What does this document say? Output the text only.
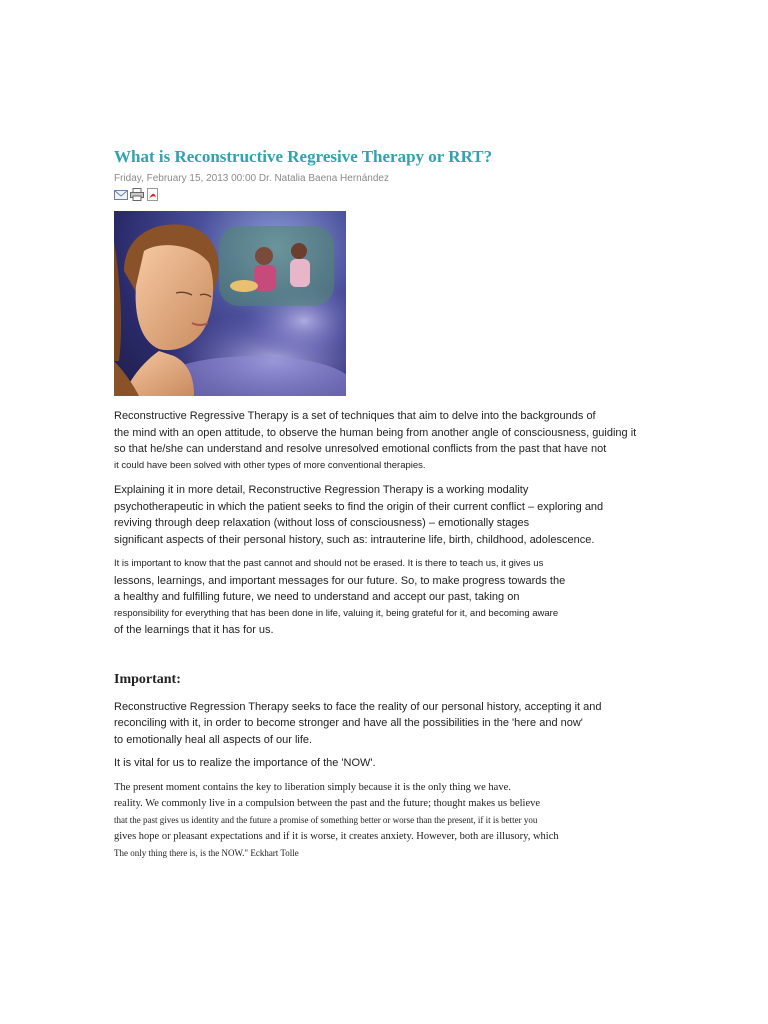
What is Reconstructive Regresive Therapy or RRT?
Friday, February 15, 2013 00:00 Dr. Natalia Baena Hernández

Reconstructive Regressive Therapy is a set of techniques that aim to delve into the backgrounds of
the mind with an open attitude, to observe the human being from another angle of consciousness, guiding it
so that he/she can understand and resolve unresolved emotional conflicts from the past that have not
it could have been solved with other types of more conventional therapies.

Explaining it in more detail, Reconstructive Regression Therapy is a working modality
psychotherapeutic in which the patient seeks to find the origin of their current conflict – exploring and
reviving through deep relaxation (without loss of consciousness) – emotionally stages
significant aspects of their personal history, such as: intrauterine life, birth, childhood, adolescence.

It is important to know that the past cannot and should not be erased. It is there to teach us, it gives us
lessons, learnings, and important messages for our future. So, to make progress towards the
a healthy and fulfilling future, we need to understand and accept our past, taking on
responsibility for everything that has been done in life, valuing it, being grateful for it, and becoming aware
of the learnings that it has for us.

Important:

Reconstructive Regression Therapy seeks to face the reality of our personal history, accepting it and
reconciling with it, in order to become stronger and have all the possibilities in the 'here and now'
to emotionally heal all aspects of our life.

It is vital for us to realize the importance of the 'NOW'.

The present moment contains the key to liberation simply because it is the only thing we have.
reality. We commonly live in a compulsion between the past and the future; thought makes us believe
that the past gives us identity and the future a promise of something better or worse than the present, if it is better you
gives hope or pleasant expectations and if it is worse, it creates anxiety. However, both are illusory, which
The only thing there is, is the NOW." Eckhart Tolle
